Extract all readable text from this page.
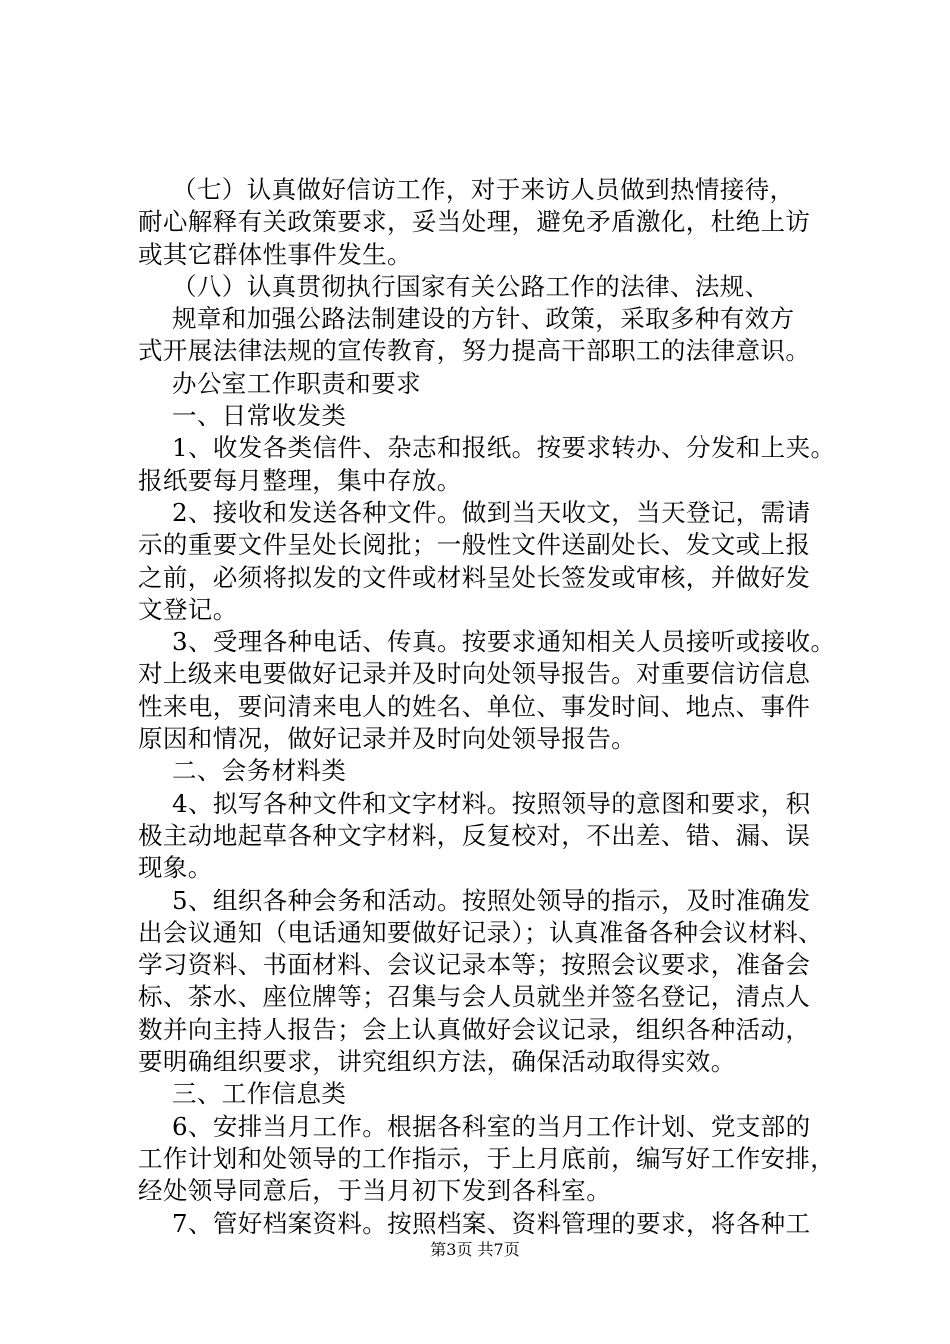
（七）认真做好信访工作，对于来访人员做到热情接待，
耐心解释有关政策要求，妥当处理，避免矛盾激化，杜绝上访
或其它群体性事件发生。
（八）认真贯彻执行国家有关公路工作的法律、法规、
规章和加强公路法制建设的方针、政策，采取多种有效方
式开展法律法规的宣传教育，努力提高干部职工的法律意识。
办公室工作职责和要求
一、日常收发类
1、收发各类信件、杂志和报纸。按要求转办、分发和上夹。
报纸要每月整理，集中存放。
2、接收和发送各种文件。做到当天收文，当天登记，需请
示的重要文件呈处长阅批；一般性文件送副处长、发文或上报
之前，必须将拟发的文件或材料呈处长签发或审核，并做好发
文登记。
3、受理各种电话、传真。按要求通知相关人员接听或接收。
对上级来电要做好记录并及时向处领导报告。对重要信访信息
性来电，要问清来电人的姓名、单位、事发时间、地点、事件
原因和情况，做好记录并及时向处领导报告。
二、会务材料类
4、拟写各种文件和文字材料。按照领导的意图和要求，积
极主动地起草各种文字材料，反复校对，不出差、错、漏、误
现象。
5、组织各种会务和活动。按照处领导的指示，及时准确发
出会议通知（电话通知要做好记录）；认真准备各种会议材料、
学习资料、书面材料、会议记录本等；按照会议要求，准备会
标、茶水、座位牌等；召集与会人员就坐并签名登记，清点人
数并向主持人报告；会上认真做好会议记录，组织各种活动，
要明确组织要求，讲究组织方法，确保活动取得实效。
三、工作信息类
6、安排当月工作。根据各科室的当月工作计划、党支部的
工作计划和处领导的工作指示，于上月底前，编写好工作安排，
经处领导同意后，于当月初下发到各科室。
7、管好档案资料。按照档案、资料管理的要求，将各种工
第3页 共7页
